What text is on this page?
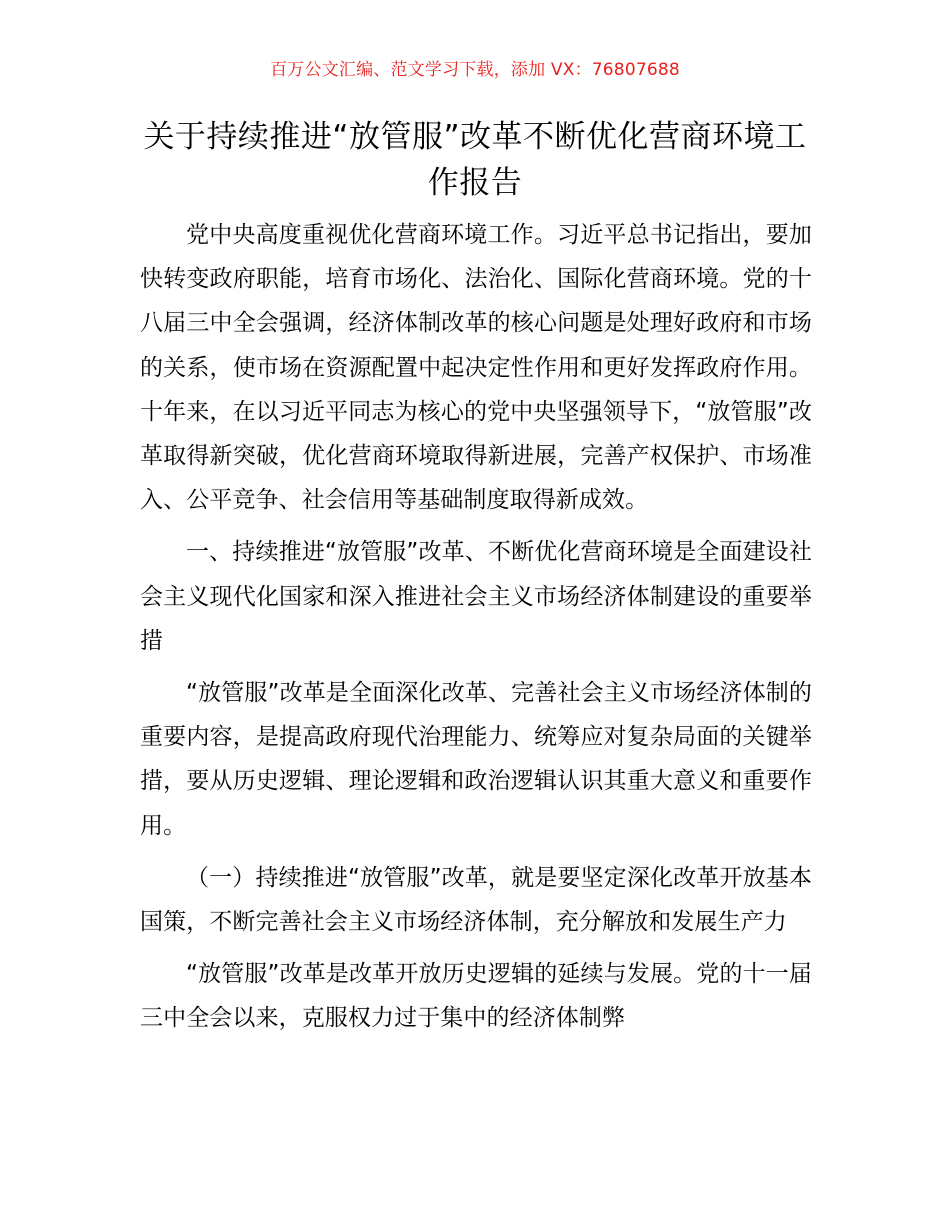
百万公文汇编、范文学习下载，添加 VX：76807688
关于持续推进“放管服”改革不断优化营商环境工作报告

党中央高度重视优化营商环境工作。习近平总书记指出，要加快转变政府职能，培育市场化、法治化、国际化营商环境。党的十八届三中全会强调，经济体制改革的核心问题是处理好政府和市场的关系，使市场在资源配置中起决定性作用和更好发挥政府作用。十年来，在以习近平同志为核心的党中央坚强领导下，“放管服”改革取得新突破，优化营商环境取得新进展，完善产权保护、市场准入、公平竞争、社会信用等基础制度取得新成效。

一、持续推进“放管服”改革、不断优化营商环境是全面建设社会主义现代化国家和深入推进社会主义市场经济体制建设的重要举措

“放管服”改革是全面深化改革、完善社会主义市场经济体制的重要内容，是提高政府现代治理能力、统筹应对复杂局面的关键举措，要从历史逻辑、理论逻辑和政治逻辑认识其重大意义和重要作用。

（一）持续推进“放管服”改革，就是要坚定深化改革开放基本国策，不断完善社会主义市场经济体制，充分解放和发展生产力

“放管服”改革是改革开放历史逻辑的延续与发展。党的十一届三中全会以来，克服权力过于集中的经济体制弊
